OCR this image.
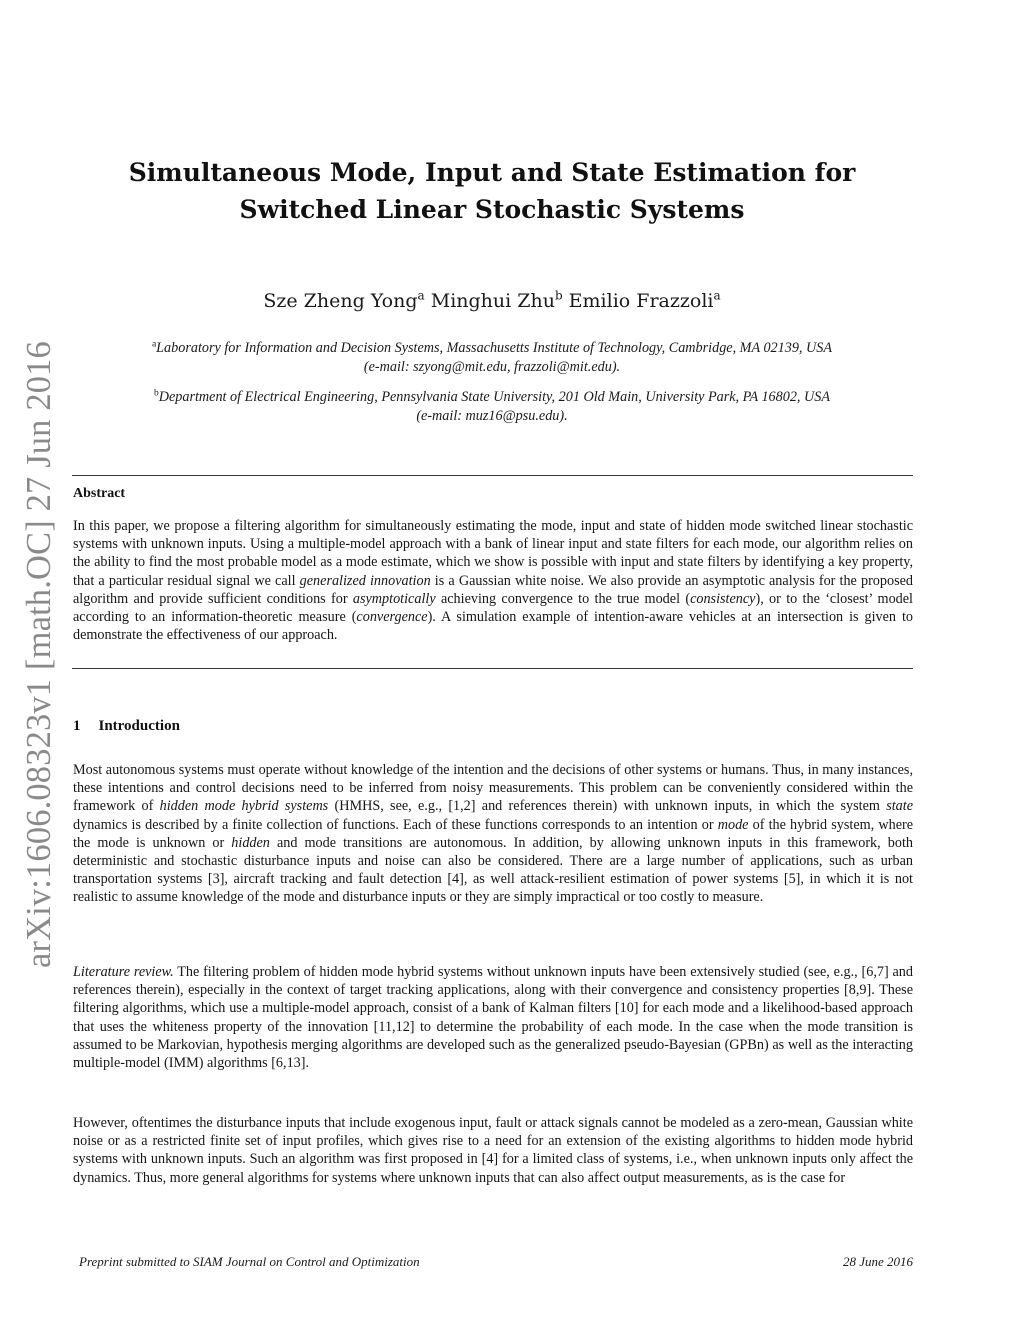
arXiv:1606.08323v1 [math.OC] 27 Jun 2016
Simultaneous Mode, Input and State Estimation for
Switched Linear Stochastic Systems
Sze Zheng Yong$^a$ Minghui Zhu$^b$ Emilio Frazzoli$^a$
$^a$Laboratory for Information and Decision Systems, Massachusetts Institute of Technology, Cambridge, MA 02139, USA
(e-mail: szyong@mit.edu, frazzoli@mit.edu).
$^b$Department of Electrical Engineering, Pennsylvania State University, 201 Old Main, University Park, PA 16802, USA
(e-mail: muz16@psu.edu).
Abstract

In this paper, we propose a filtering algorithm for simultaneously estimating the mode, input and state of hidden mode switched linear stochastic systems with unknown inputs. Using a multiple-model approach with a bank of linear input and state filters for each mode, our algorithm relies on the ability to find the most probable model as a mode estimate, which we show is possible with input and state filters by identifying a key property, that a particular residual signal we call generalized innovation is a Gaussian white noise. We also provide an asymptotic analysis for the proposed algorithm and provide sufficient conditions for asymptotically achieving convergence to the true model (consistency), or to the ‘closest’ model according to an information-theoretic measure (convergence). A simulation example of intention-aware vehicles at an intersection is given to demonstrate the effectiveness of our approach.

1 Introduction

Most autonomous systems must operate without knowledge of the intention and the decisions of other systems or humans. Thus, in many instances, these intentions and control decisions need to be inferred from noisy measurements. This problem can be conveniently considered within the framework of hidden mode hybrid systems (HMHS, see, e.g., [1,2] and references therein) with unknown inputs, in which the system state dynamics is described by a finite collection of functions. Each of these functions corresponds to an intention or mode of the hybrid system, where the mode is unknown or hidden and mode transitions are autonomous. In addition, by allowing unknown inputs in this framework, both deterministic and stochastic disturbance inputs and noise can also be considered. There are a large number of applications, such as urban transportation systems [3], aircraft tracking and fault detection [4], as well attack-resilient estimation of power systems [5], in which it is not realistic to assume knowledge of the mode and disturbance inputs or they are simply impractical or too costly to measure.

Literature review. The filtering problem of hidden mode hybrid systems without unknown inputs have been extensively studied (see, e.g., [6,7] and references therein), especially in the context of target tracking applications, along with their convergence and consistency properties [8,9]. These filtering algorithms, which use a multiple-model approach, consist of a bank of Kalman filters [10] for each mode and a likelihood-based approach that uses the whiteness property of the innovation [11,12] to determine the probability of each mode. In the case when the mode transition is assumed to be Markovian, hypothesis merging algorithms are developed such as the generalized pseudo-Bayesian (GPBn) as well as the interacting multiple-model (IMM) algorithms [6,13].

However, oftentimes the disturbance inputs that include exogenous input, fault or attack signals cannot be modeled as a zero-mean, Gaussian white noise or as a restricted finite set of input profiles, which gives rise to a need for an extension of the existing algorithms to hidden mode hybrid systems with unknown inputs. Such an algorithm was first proposed in [4] for a limited class of systems, i.e., when unknown inputs only affect the dynamics. Thus, more general algorithms for systems where unknown inputs that can also affect output measurements, as is the case for

Preprint submitted to SIAM Journal on Control and Optimization	28 June 2016
